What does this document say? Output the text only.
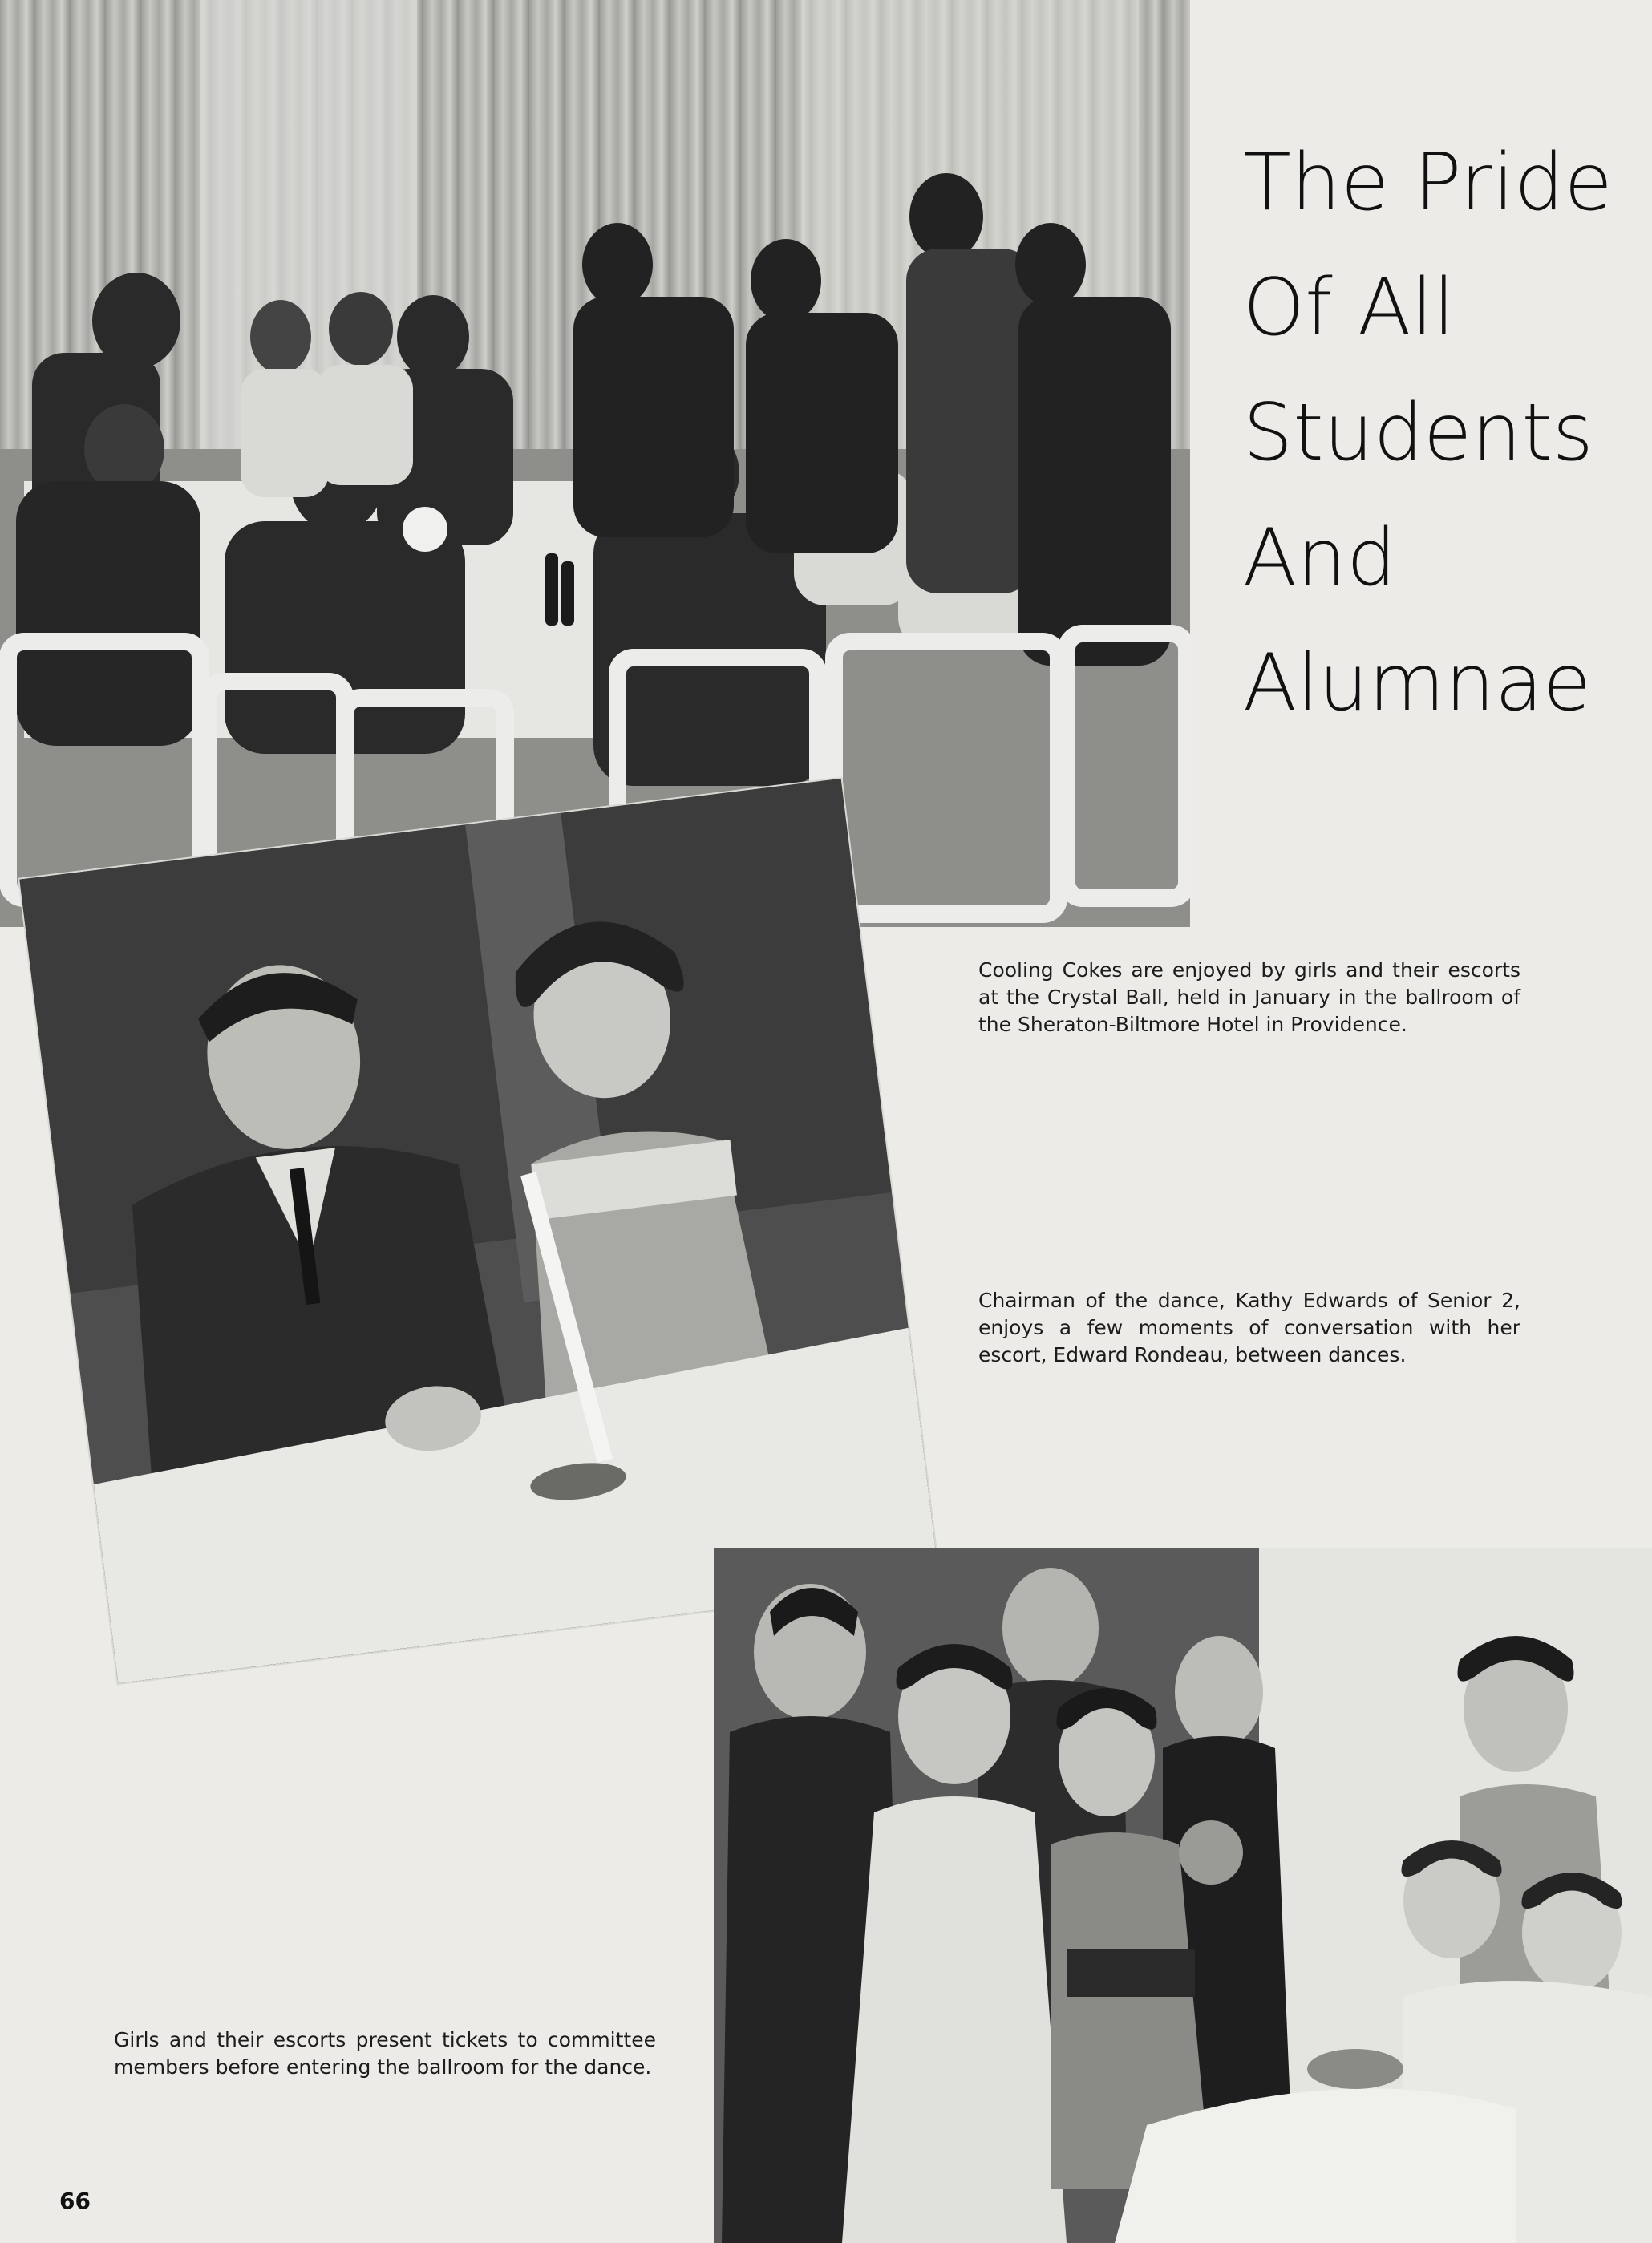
The Pride
Of All
Students
And
Alumnae

Cooling Cokes are enjoyed by girls and their escorts at the Crystal Ball, held in January in the ballroom of the Sheraton-Biltmore Hotel in Providence.

Chairman of the dance, Kathy Edwards of Senior 2, enjoys a few moments of conversation with her escort, Edward Rondeau, between dances.

Girls and their escorts present tickets to committee members before entering the ballroom for the dance.

66
